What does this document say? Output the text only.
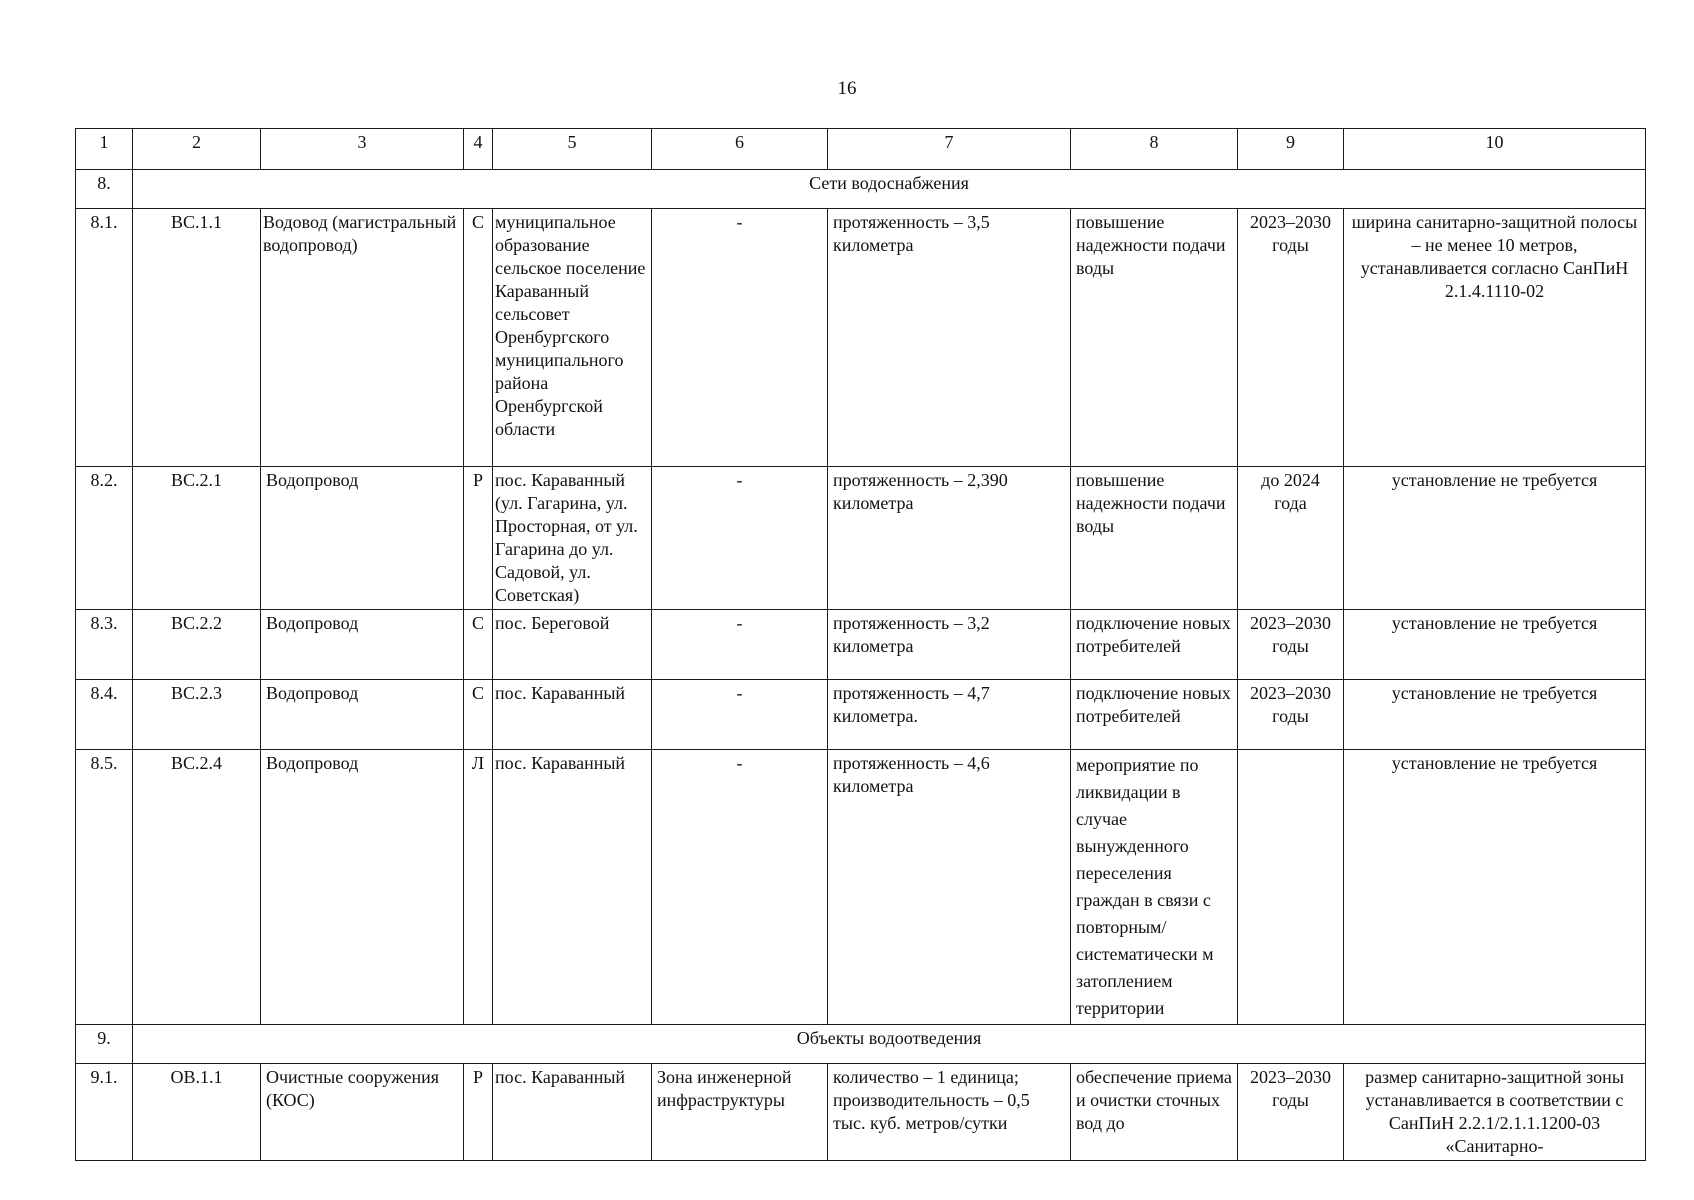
16
1	2	3	4	5	6	7	8	9	10
8.	Сети водоснабжения								
8.1.	ВС.1.1	Водовод (магистральный водопровод)	С	муниципальное образование сельское поселение Караванный сельсовет Оренбургского муниципального района Оренбургской области	-	протяженность – 3,5 километра	повышение надежности подачи воды	2023–2030 годы	ширина санитарно-защитной полосы – не менее 10 метров, устанавливается согласно СанПиН 2.1.4.1110-02
8.2.	ВС.2.1	Водопровод	Р	пос. Караванный (ул. Гагарина, ул. Просторная, от ул. Гагарина до ул. Садовой, ул. Советская)	-	протяженность – 2,390 километра	повышение надежности подачи воды	до 2024 года	установление не требуется
8.3.	ВС.2.2	Водопровод	С	пос. Береговой	-	протяженность – 3,2 километра	подключение новых потребителей	2023–2030 годы	установление не требуется
8.4.	ВС.2.3	Водопровод	С	пос. Караванный	-	протяженность – 4,7 километра.	подключение новых потребителей	2023–2030 годы	установление не требуется
8.5.	ВС.2.4	Водопровод	Л	пос. Караванный	-	протяженность – 4,6 километра	мероприятие по ликвидации в случае вынужденного переселения граждан в связи с повторным/ систематически м затоплением территории		установление не требуется
9.	Объекты водоотведения								
9.1.	ОВ.1.1	Очистные сооружения (КОС)	Р	пос. Караванный	Зона инженерной инфраструктуры	количество – 1 единица; производительность – 0,5 тыс. куб. метров/сутки	обеспечение приема и очистки сточных вод до	2023–2030 годы	размер санитарно-защитной зоны устанавливается в соответствии с СанПиН 2.2.1/2.1.1.1200-03 «Санитарно-
